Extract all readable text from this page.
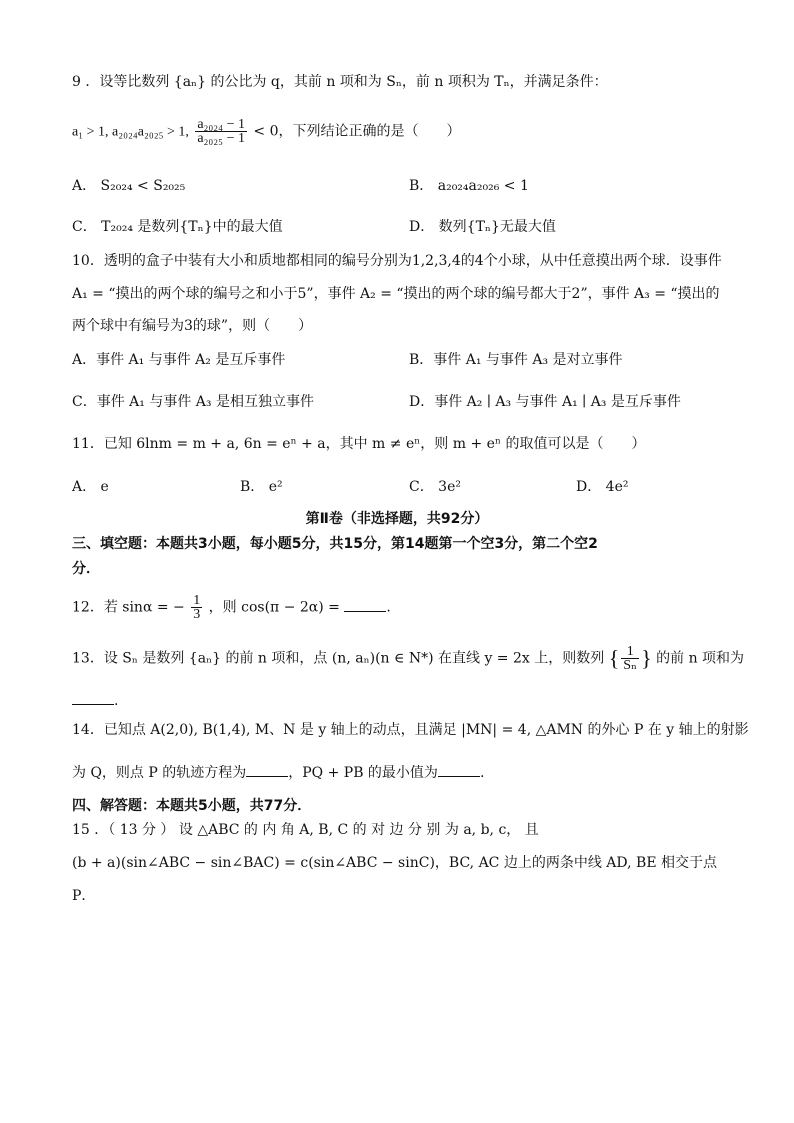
9 ．设等比数列 {aₙ} 的公比为 q，其前 n 项和为 Sₙ，前 n 项积为 Tₙ，并满足条件：
a₁ > 1, a₂₀₂₄a₂₀₂₅ > 1, $\frac{\text{a₂₀₂₄ − 1}}{\text{a₂₀₂₅ − 1}} < 0$，下列结论正确的是（　　）
A． S₂₀₂₄ < S₂₀₂₅	B． a₂₀₂₄a₂₀₂₆ < 1
C． T₂₀₂₄ 是数列{Tₙ}中的最大值	D． 数列{Tₙ}无最大值
10．透明的盒子中装有大小和质地都相同的编号分别为1,2,3,4的4个小球，从中任意摸出两个球．设事件
A₁ = “摸出的两个球的编号之和小于5”，事件 A₂ = “摸出的两个球的编号都大于2”，事件 A₃ = “摸出的
两个球中有编号为3的球”，则（　　）
A．事件 A₁ 与事件 A₂ 是互斥事件	B．事件 A₁ 与事件 A₃ 是对立事件
C．事件 A₁ 与事件 A₃ 是相互独立事件	D．事件 A₂ ∣ A₃ 与事件 A₁ ∣ A₃ 是互斥事件
11．已知 6lnm = m + a, 6n = eⁿ + a，其中 m ≠ eⁿ，则 m + eⁿ 的取值可以是（　　）
A． e	B． e²	C． 3e²	D． 4e²
第Ⅱ卷（非选择题，共92分）
三、填空题：本题共3小题，每小题5分，共15分，第14题第一个空3分，第二个空2
分．
12．若 sinα = − $\frac{1}{3}$ ，则 cos(π − 2α) =	.
13．设 Sₙ 是数列 {aₙ} 的前 n 项和，点 (n, aₙ)(n ∈ N*) 在直线 y = 2x 上，则数列 { $\frac{1}{\text{Sₙ}}$ } 的前 n 项和为
.
14．已知点 A(2,0), B(1,4), M、N 是 y 轴上的动点，且满足 |MN| = 4, △AMN 的外心 P 在 y 轴上的射影
为 Q，则点 P 的轨迹方程为	，PQ + PB 的最小值为	.
四、解答题：本题共5小题，共77分．
15 ．（ 13 分 ） 设 △ABC 的 内 角 A, B, C 的 对 边 分 别 为 a, b, c， 且
(b + a)(sin∠ABC − sin∠BAC) = c(sin∠ABC − sinC)，BC, AC 边上的两条中线 AD, BE 相交于点
P．
